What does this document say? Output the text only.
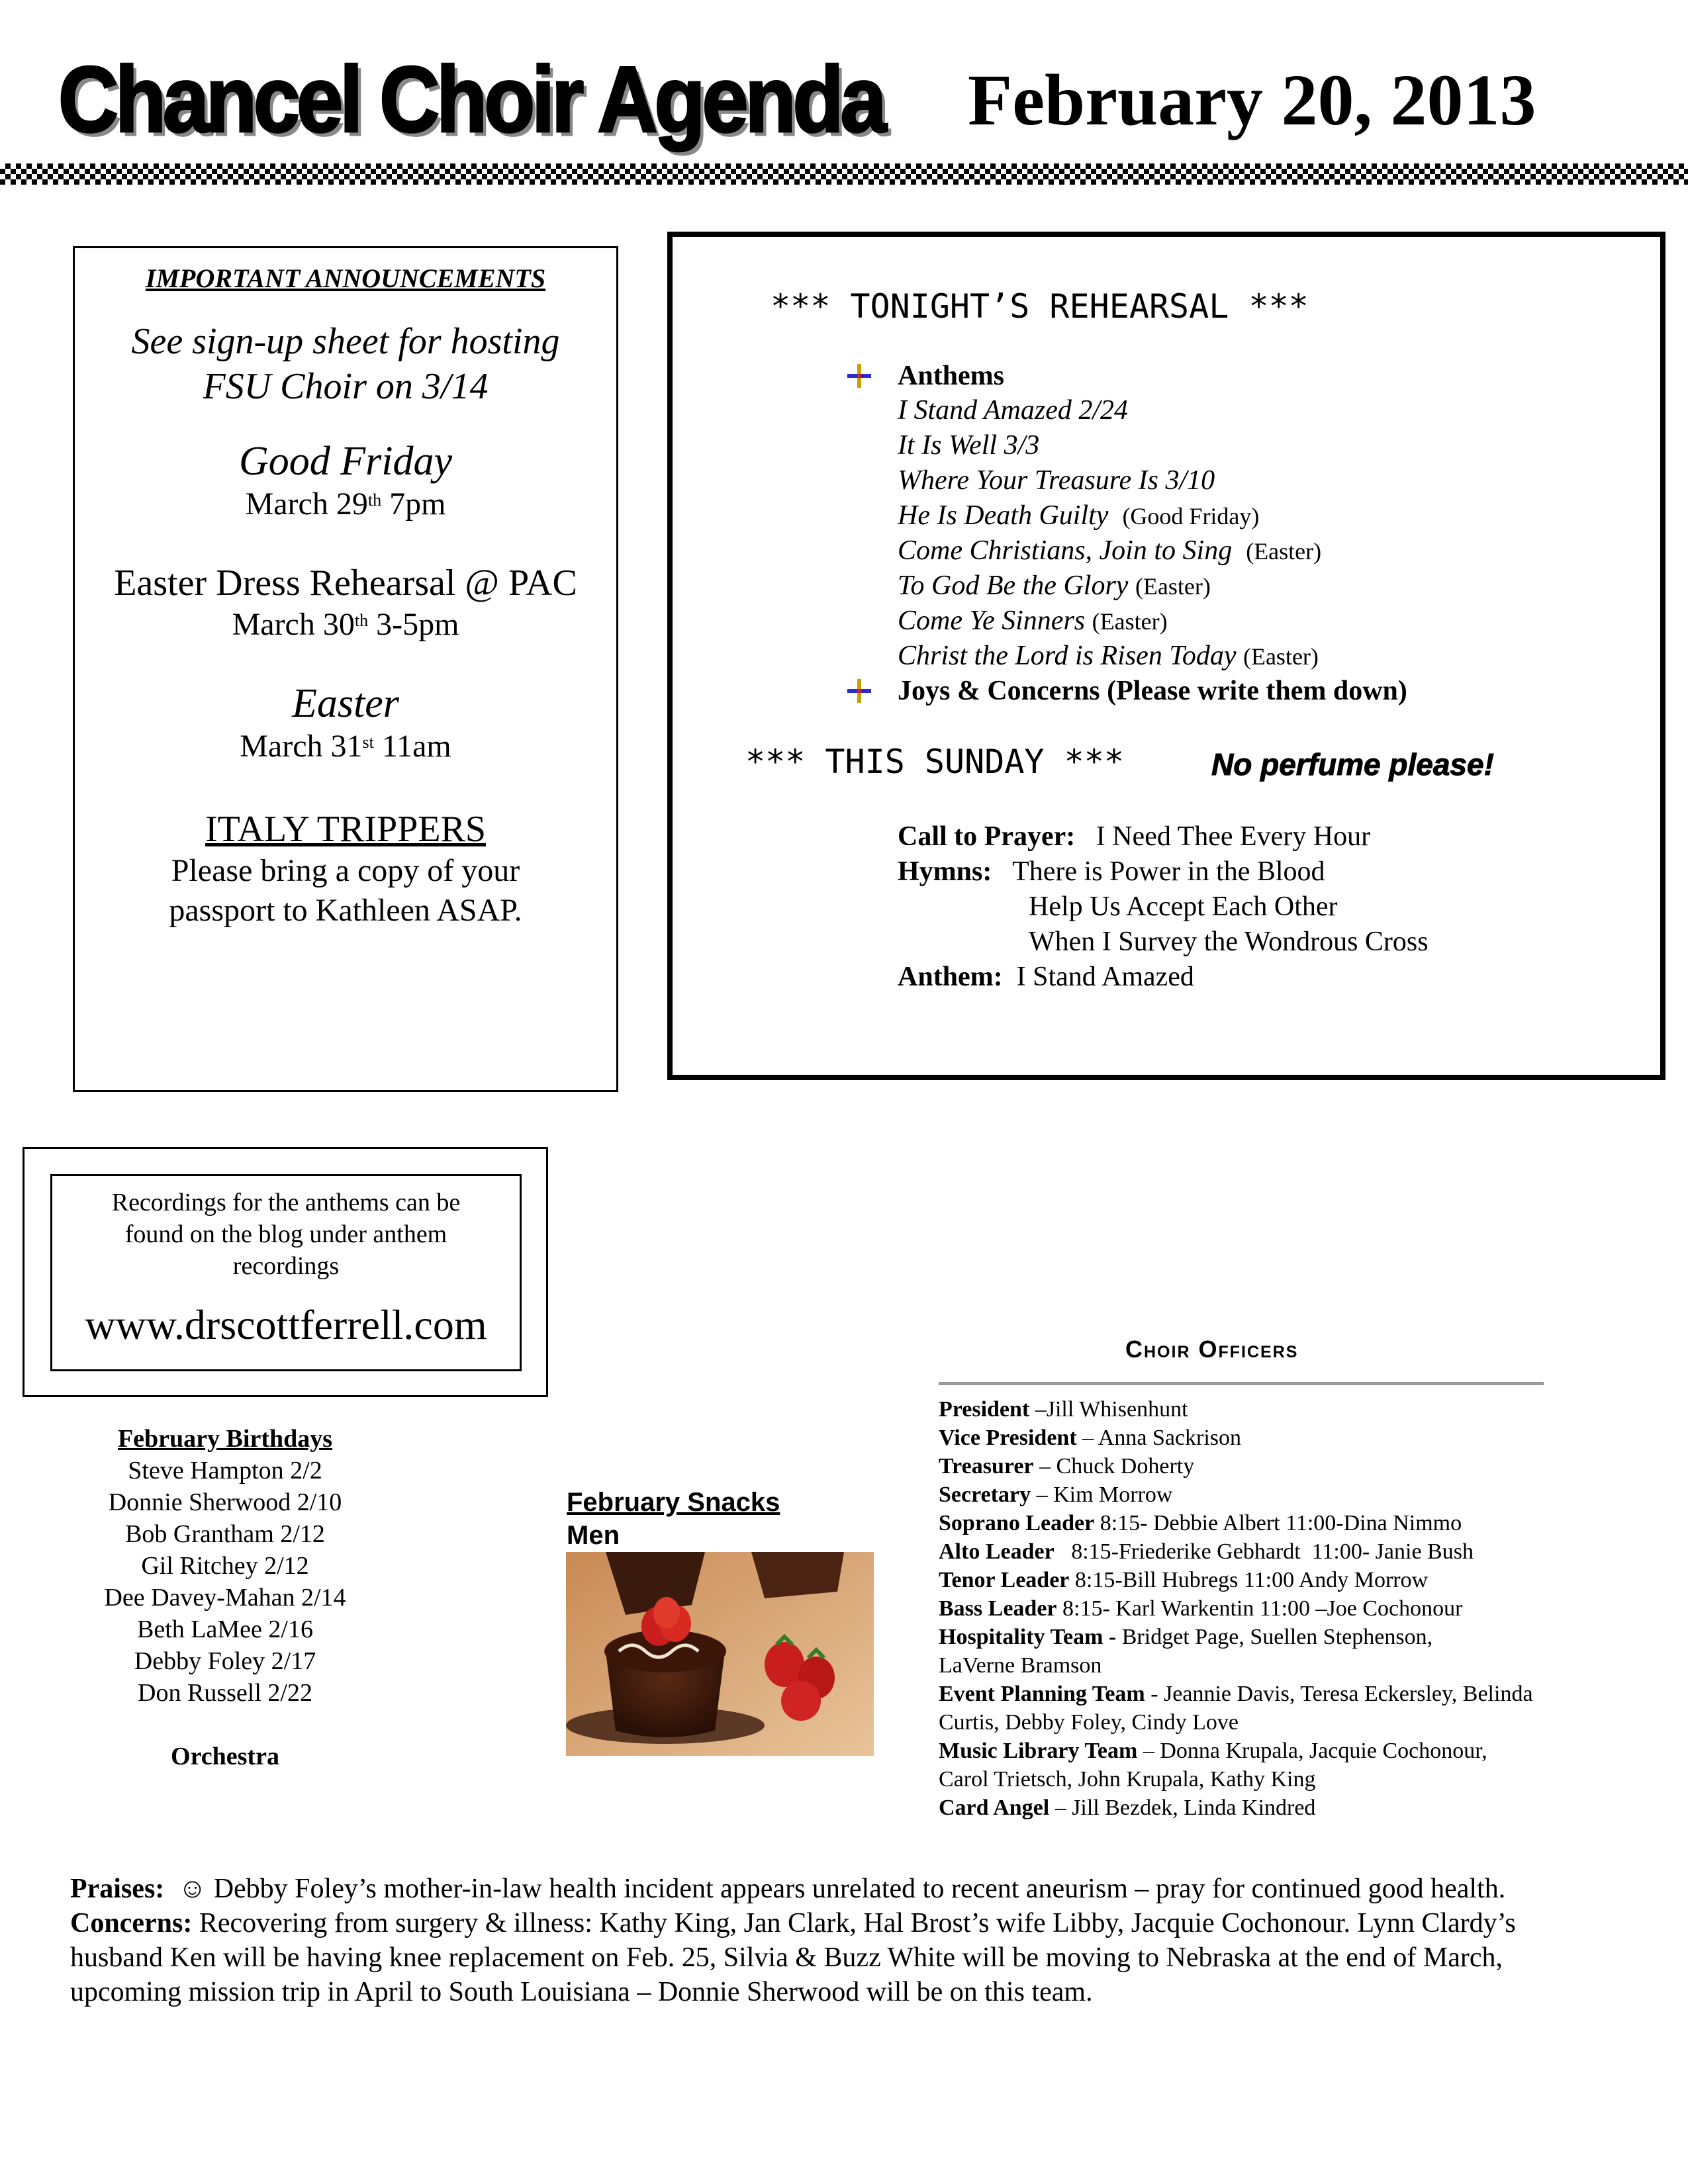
Chancel Choir Agenda February 20, 2013
IMPORTANT ANNOUNCEMENTS
See sign-up sheet for hosting
FSU Choir on 3/14
Good Friday
March 29th 7pm
Easter Dress Rehearsal @ PAC
March 30th 3-5pm
Easter
March 31st 11am
ITALY TRIPPERS
Please bring a copy of your
passport to Kathleen ASAP.
*** TONIGHT’S REHEARSAL ***
Anthems
I Stand Amazed 2/24
It Is Well 3/3
Where Your Treasure Is 3/10
He Is Death Guilty (Good Friday)
Come Christians, Join to Sing (Easter)
To God Be the Glory (Easter)
Come Ye Sinners (Easter)
Christ the Lord is Risen Today (Easter)
Joys & Concerns (Please write them down)
*** THIS SUNDAY ***	No perfume please!
Call to Prayer: I Need Thee Every Hour
Hymns: There is Power in the Blood
Help Us Accept Each Other
When I Survey the Wondrous Cross
Anthem: I Stand Amazed
Recordings for the anthems can be
found on the blog under anthem
recordings
www.drscottferrell.com
February Birthdays
Steve Hampton 2/2
Donnie Sherwood 2/10
Bob Grantham 2/12
Gil Ritchey 2/12
Dee Davey-Mahan 2/14
Beth LaMee 2/16
Debby Foley 2/17
Don Russell 2/22
Orchestra
February Snacks
Men
Choir Officers
President –Jill Whisenhunt
Vice President – Anna Sackrison
Treasurer – Chuck Doherty
Secretary – Kim Morrow
Soprano Leader 8:15- Debbie Albert 11:00-Dina Nimmo
Alto Leader   8:15-Friederike Gebhardt  11:00- Janie Bush
Tenor Leader 8:15-Bill Hubregs 11:00 Andy Morrow
Bass Leader 8:15- Karl Warkentin 11:00 –Joe Cochonour
Hospitality Team - Bridget Page, Suellen Stephenson, LaVerne Bramson
Event Planning Team - Jeannie Davis, Teresa Eckersley, Belinda Curtis, Debby Foley, Cindy Love
Music Library Team – Donna Krupala, Jacquie Cochonour, Carol Trietsch, John Krupala, Kathy King
Card Angel – Jill Bezdek, Linda Kindred
Praises: ☺ Debby Foley’s mother-in-law health incident appears unrelated to recent aneurism – pray for continued good health.
Concerns: Recovering from surgery & illness: Kathy King, Jan Clark, Hal Brost’s wife Libby, Jacquie Cochonour. Lynn Clardy’s husband Ken will be having knee replacement on Feb. 25, Silvia & Buzz White will be moving to Nebraska at the end of March, upcoming mission trip in April to South Louisiana – Donnie Sherwood will be on this team.
